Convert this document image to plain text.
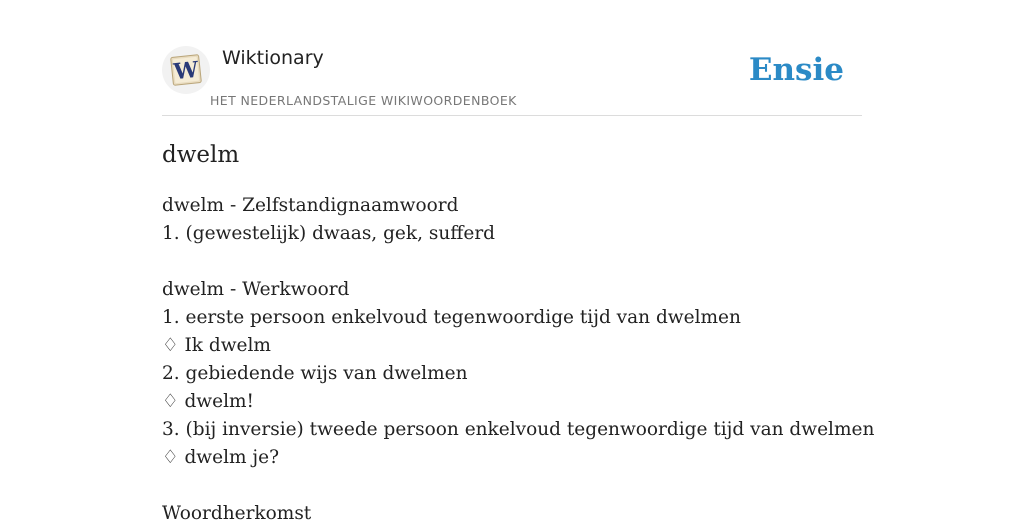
W Wiktionary
HET NEDERLANDSTALIGE WIKIWOORDENBOEK
Ensie
dwelm
dwelm - Zelfstandignaamwoord
1. (gewestelijk) dwaas, gek, sufferd
dwelm - Werkwoord
1. eerste persoon enkelvoud tegenwoordige tijd van dwelmen
♢ Ik dwelm
2. gebiedende wijs van dwelmen
♢ dwelm!
3. (bij inversie) tweede persoon enkelvoud tegenwoordige tijd van dwelmen
♢ dwelm je?
Woordherkomst
